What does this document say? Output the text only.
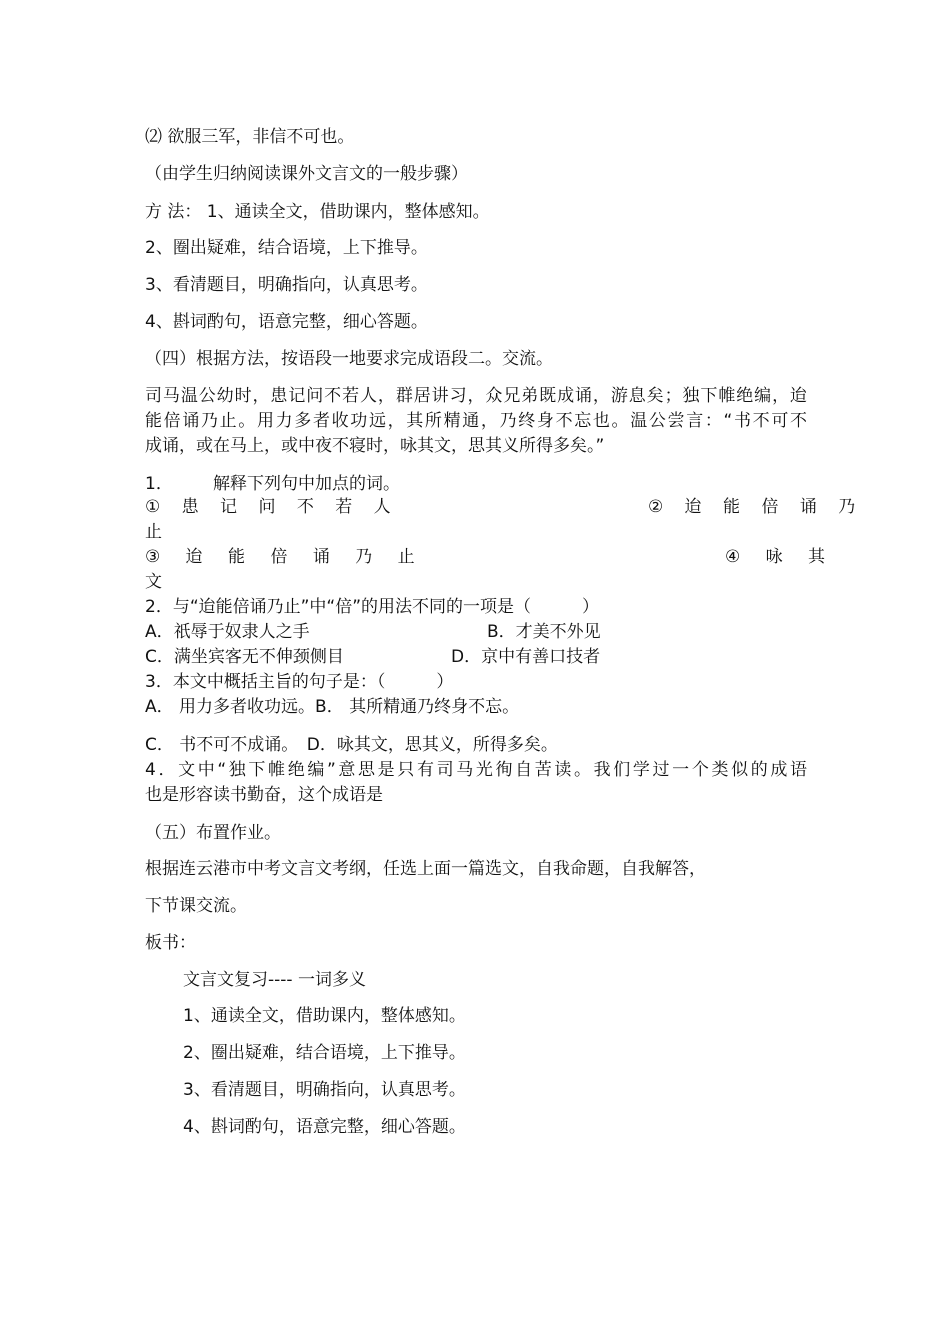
⑵ 欲服三军，非信不可也。
（由学生归纳阅读课外文言文的一般步骤）
方 法： 1、通读全文，借助课内，整体感知。
2、圈出疑难，结合语境，上下推导。
3、看清题目，明确指向，认真思考。
4、斟词酌句，语意完整，细心答题。
（四）根据方法，按语段一地要求完成语段二。交流。
司马温公幼时，患记问不若人，群居讲习，众兄弟既成诵，游息矣；独下帷绝编，迨
能倍诵乃止。用力多者收功远，其所精通，乃终身不忘也。温公尝言：“书不可不
成诵，或在马上，或中夜不寝时，咏其文，思其义所得多矣。”
1． 解释下列句中加点的词。
① 患 记 问 不 若 人	② 迨 能 倍 诵 乃
止
③ 迨 能 倍 诵 乃 止	④ 咏 其
文
2．与“迨能倍诵乃止”中“倍”的用法不同的一项是（　　　）
A．祇辱于奴隶人之手	B．才美不外见
C．满坐宾客无不伸颈侧目	D．京中有善口技者
3．本文中概括主旨的句子是：（　　　）
A． 用力多者收功远。B． 其所精通乃终身不忘。
C． 书不可不成诵。　D．咏其文，思其义，所得多矣。
4．文中“独下帷绝编”意思是只有司马光徇自苦读。我们学过一个类似的成语
也是形容读书勤奋，这个成语是
（五）布置作业。
根据连云港市中考文言文考纲，任选上面一篇选文，自我命题，自我解答，
下节课交流。
板书：
文言文复习---- 一词多义
1、通读全文，借助课内，整体感知。
2、圈出疑难，结合语境，上下推导。
3、看清题目，明确指向，认真思考。
4、斟词酌句，语意完整，细心答题。
